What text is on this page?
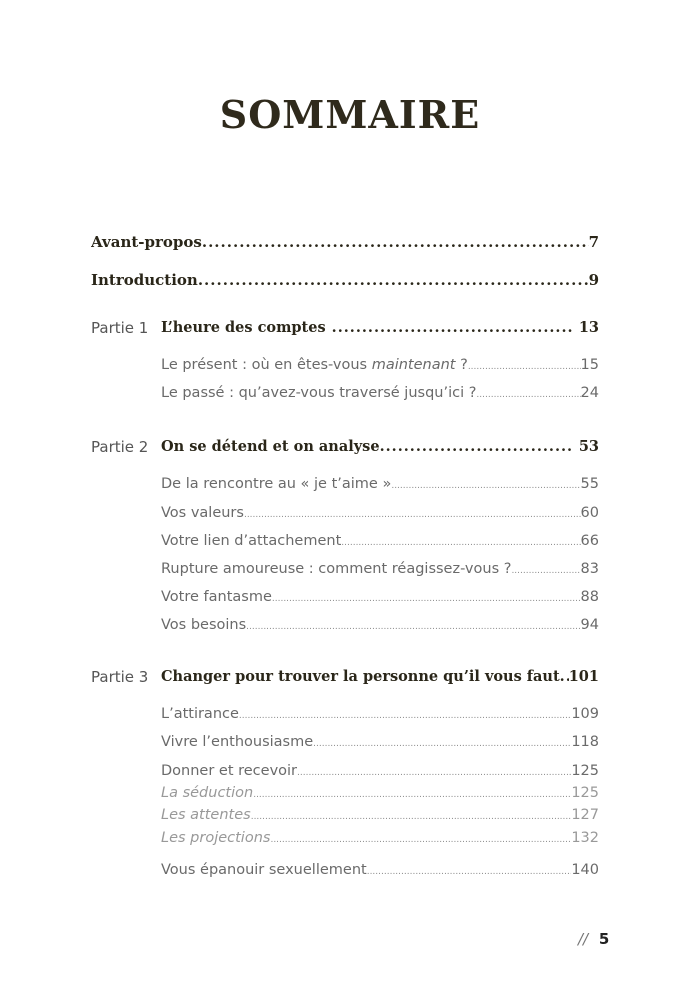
SOMMAIRE
Avant-propos .....	7
Introduction .....	9
Partie 1 L’heure des comptes .....	13
Le présent : où en êtes-vous maintenant ? .....	15
Le passé : qu’avez-vous traversé jusqu’ici ? .....	24
Partie 2 On se détend et on analyse .....	53
De la rencontre au « je t’aime » .....	55
Vos valeurs .....	60
Votre lien d’attachement .....	66
Rupture amoureuse : comment réagissez-vous ? .....	83
Votre fantasme .....	88
Vos besoins .....	94
Partie 3 Changer pour trouver la personne qu’il vous faut ..... 101
L’attirance .....	109
Vivre l’enthousiasme .....	118
Donner et recevoir .....	125
La séduction .....	125
Les attentes .....	127
Les projections .....	132
Vous épanouir sexuellement .....	140
// 5
